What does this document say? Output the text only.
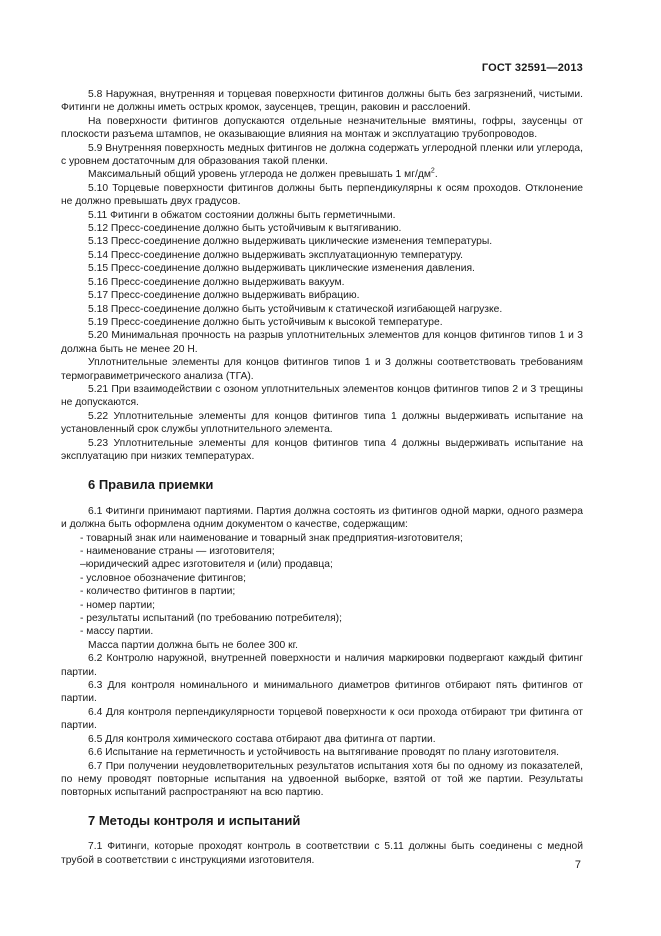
ГОСТ 32591—2013

5.8 Наружная, внутренняя и торцевая поверхности фитингов должны быть без загрязнений, чистыми. Фитинги не должны иметь острых кромок, заусенцев, трещин, раковин и расслоений.

На поверхности фитингов допускаются отдельные незначительные вмятины, гофры, заусенцы от плоскости разъема штампов, не оказывающие влияния на монтаж и эксплуатацию трубопроводов.

5.9 Внутренняя поверхность медных фитингов не должна содержать углеродной пленки или углерода, с уровнем достаточным для образования такой пленки.

Максимальный общий уровень углерода не должен превышать 1 $мг/дм^2$.

5.10 Торцевые поверхности фитингов должны быть перпендикулярны к осям проходов. Отклонение не должно превышать двух градусов.

5.11 Фитинги в обжатом состоянии должны быть герметичными.

5.12 Пресс-соединение должно быть устойчивым к вытягиванию.

5.13 Пресс-соединение должно выдерживать циклические изменения температуры.

5.14 Пресс-соединение должно выдерживать эксплуатационную температуру.

5.15 Пресс-соединение должно выдерживать циклические изменения давления.

5.16 Пресс-соединение должно выдерживать вакуум.

5.17 Пресс-соединение должно выдерживать вибрацию.

5.18 Пресс-соединение должно быть устойчивым к статической изгибающей нагрузке.

5.19 Пресс-соединение должно быть устойчивым к высокой температуре.

5.20 Минимальная прочность на разрыв уплотнительных элементов для концов фитингов типов 1 и 3 должна быть не менее 20 Н.

Уплотнительные элементы для концов фитингов типов 1 и 3 должны соответствовать требованиям термогравиметрического анализа (ТГА).

5.21 При взаимодействии с озоном уплотнительных элементов концов фитингов типов 2 и 3 трещины не допускаются.

5.22 Уплотнительные элементы для концов фитингов типа 1 должны выдерживать испытание на установленный срок службы уплотнительного элемента.

5.23 Уплотнительные элементы для концов фитингов типа 4 должны выдерживать испытание на эксплуатацию при низких температурах.

6 Правила приемки

6.1 Фитинги принимают партиями. Партия должна состоять из фитингов одной марки, одного размера и должна быть оформлена одним документом о качестве, содержащим:

- товарный знак или наименование и товарный знак предприятия-изготовителя;

- наименование страны — изготовителя;

–юридический адрес изготовителя и (или) продавца;

- условное обозначение фитингов;

- количество фитингов в партии;

- номер партии;

- результаты испытаний (по требованию потребителя);

- массу партии.

Масса партии должна быть не более 300 кг.

6.2 Контролю наружной, внутренней поверхности и наличия маркировки подвергают каждый фитинг партии.

6.3 Для контроля номинального и минимального диаметров фитингов отбирают пять фитингов от партии.

6.4 Для контроля перпендикулярности торцевой поверхности к оси прохода отбирают три фитинга от партии.

6.5 Для контроля химического состава отбирают два фитинга от партии.

6.6 Испытание на герметичность и устойчивость на вытягивание проводят по плану изготовителя.

6.7 При получении неудовлетворительных результатов испытания хотя бы по одному из показателей, по нему проводят повторные испытания на удвоенной выборке, взятой от той же партии. Результаты повторных испытаний распространяют на всю партию.

7 Методы контроля и испытаний

7.1 Фитинги, которые проходят контроль в соответствии с 5.11 должны быть соединены с медной трубой в соответствии с инструкциями изготовителя.	7
